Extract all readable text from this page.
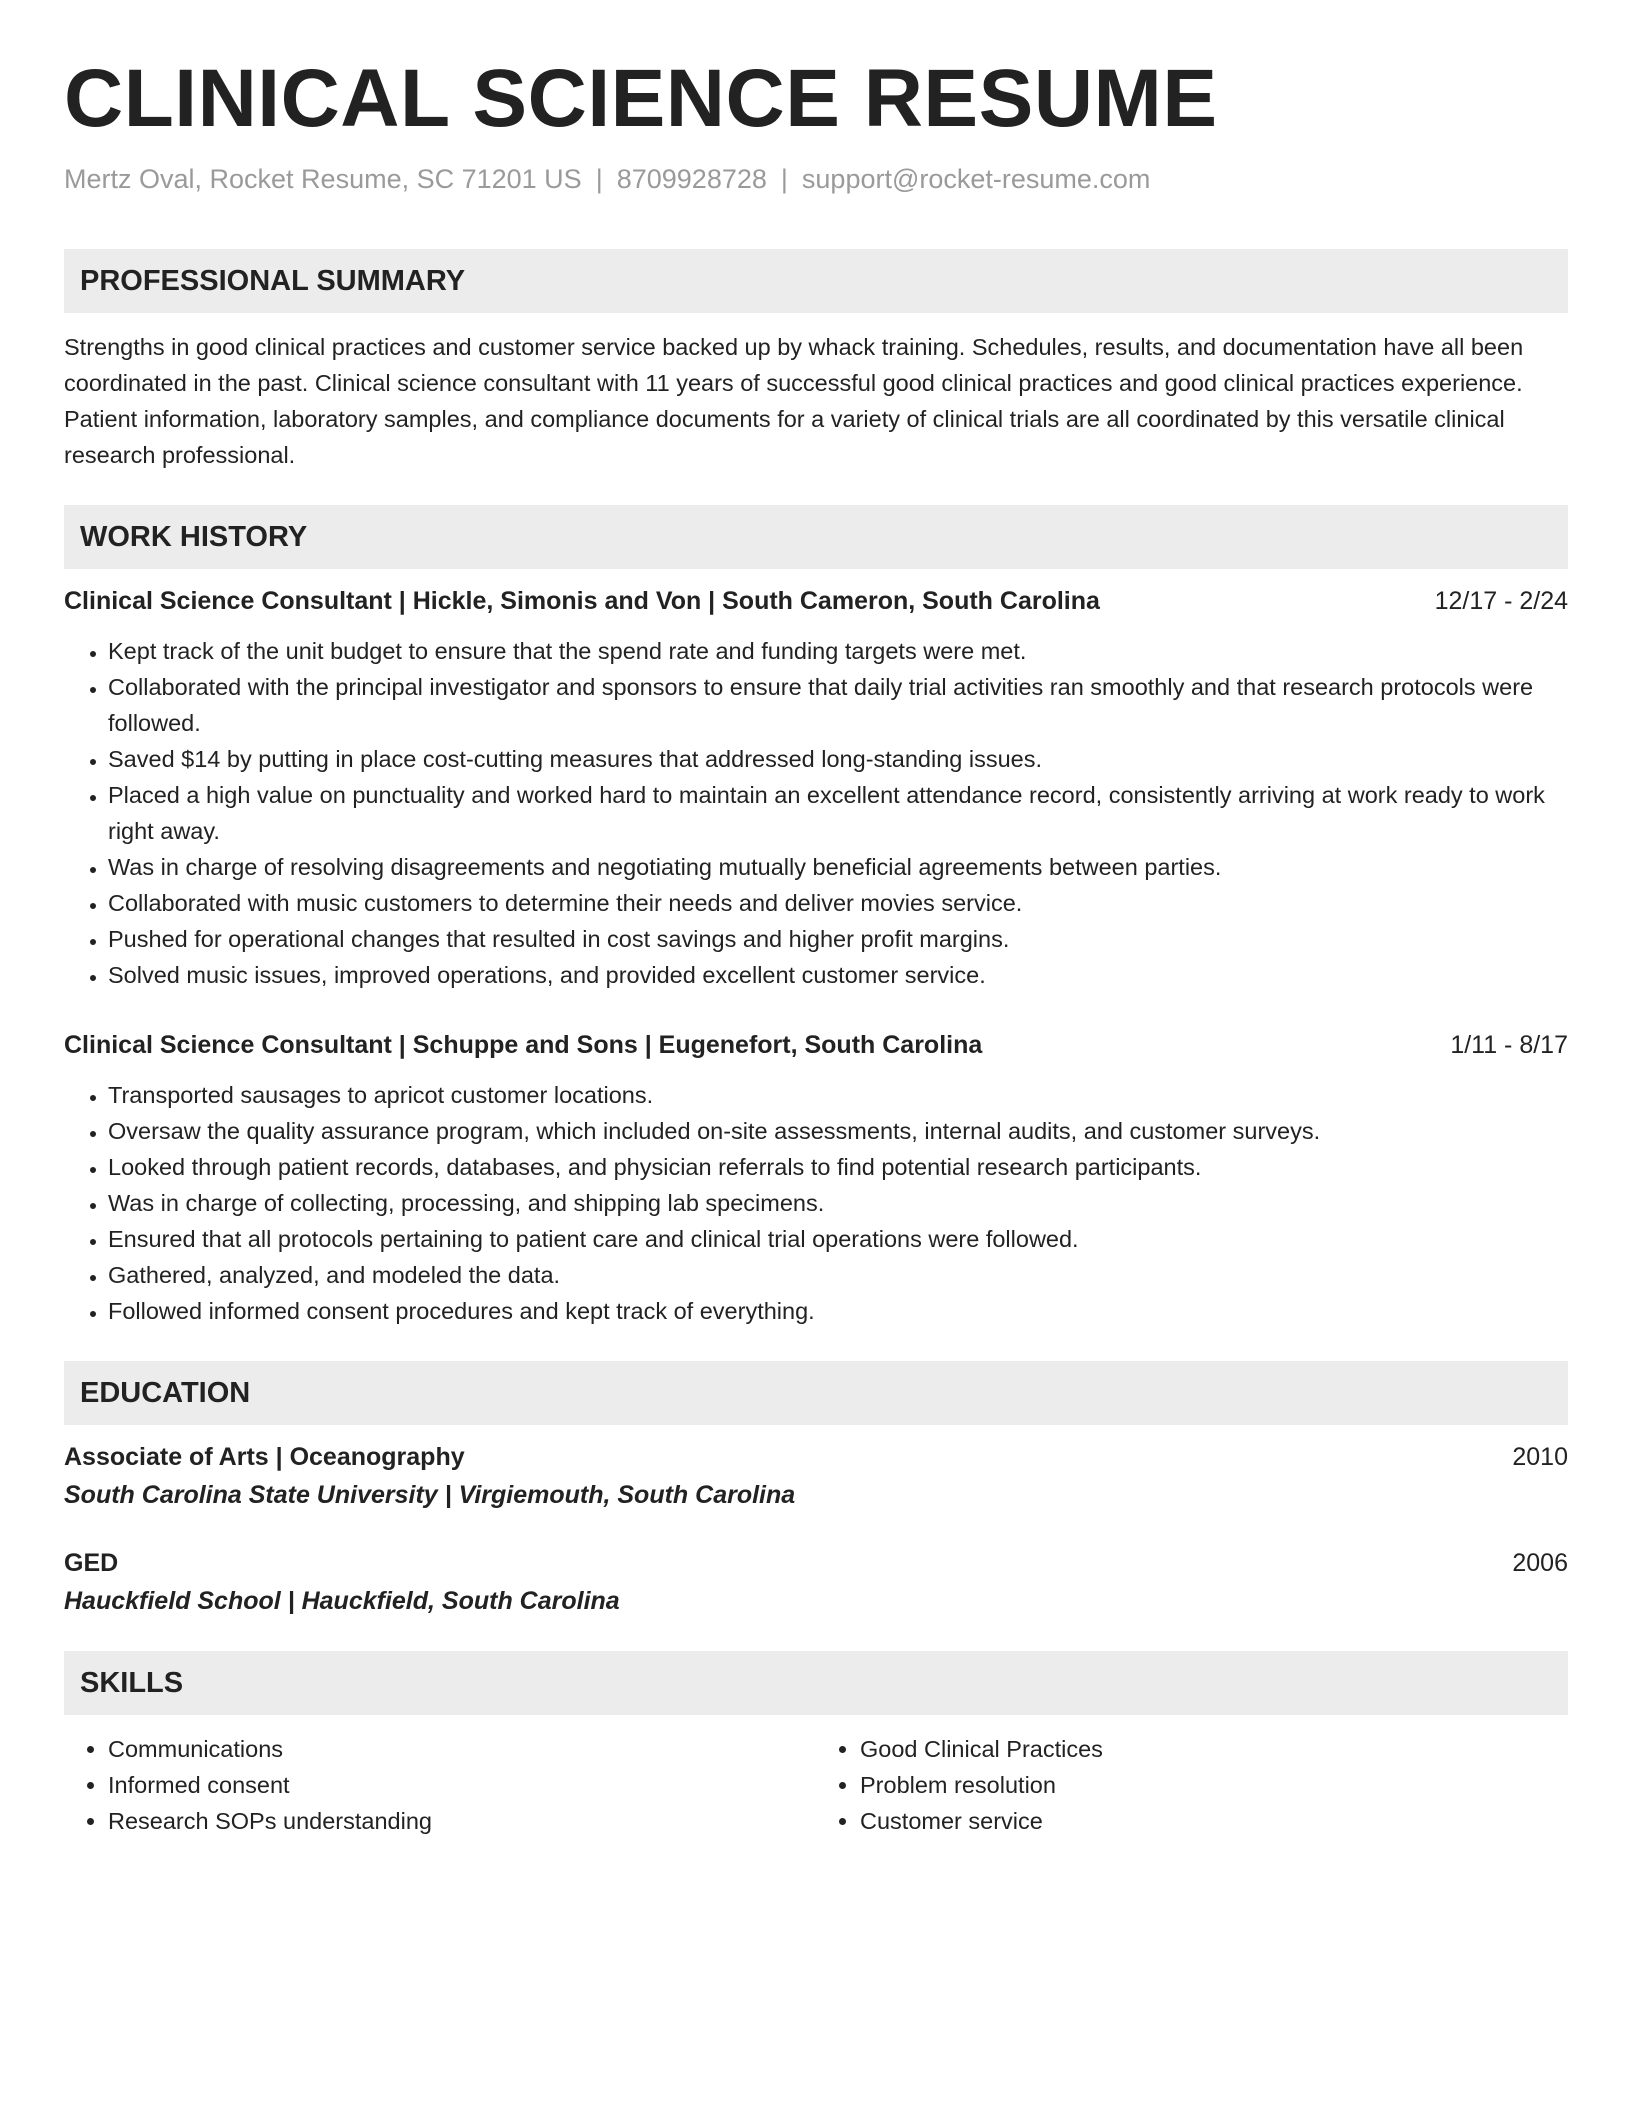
CLINICAL SCIENCE RESUME
Mertz Oval, Rocket Resume, SC 71201 US | 8709928728 | support@rocket-resume.com
PROFESSIONAL SUMMARY
Strengths in good clinical practices and customer service backed up by whack training. Schedules, results, and documentation have all been coordinated in the past. Clinical science consultant with 11 years of successful good clinical practices and good clinical practices experience. Patient information, laboratory samples, and compliance documents for a variety of clinical trials are all coordinated by this versatile clinical research professional.
WORK HISTORY
Clinical Science Consultant | Hickle, Simonis and Von | South Cameron, South Carolina	12/17 - 2/24
• Kept track of the unit budget to ensure that the spend rate and funding targets were met.
• Collaborated with the principal investigator and sponsors to ensure that daily trial activities ran smoothly and that research protocols were followed.
• Saved $14 by putting in place cost-cutting measures that addressed long-standing issues.
• Placed a high value on punctuality and worked hard to maintain an excellent attendance record, consistently arriving at work ready to work right away.
• Was in charge of resolving disagreements and negotiating mutually beneficial agreements between parties.
• Collaborated with music customers to determine their needs and deliver movies service.
• Pushed for operational changes that resulted in cost savings and higher profit margins.
• Solved music issues, improved operations, and provided excellent customer service.
Clinical Science Consultant | Schuppe and Sons | Eugenefort, South Carolina	1/11 - 8/17
• Transported sausages to apricot customer locations.
• Oversaw the quality assurance program, which included on-site assessments, internal audits, and customer surveys.
• Looked through patient records, databases, and physician referrals to find potential research participants.
• Was in charge of collecting, processing, and shipping lab specimens.
• Ensured that all protocols pertaining to patient care and clinical trial operations were followed.
• Gathered, analyzed, and modeled the data.
• Followed informed consent procedures and kept track of everything.
EDUCATION
Associate of Arts | Oceanography	2010
South Carolina State University | Virgiemouth, South Carolina
GED	2006
Hauckfield School | Hauckfield, South Carolina
SKILLS
• Communications
• Informed consent
• Research SOPs understanding
• Good Clinical Practices
• Problem resolution
• Customer service
